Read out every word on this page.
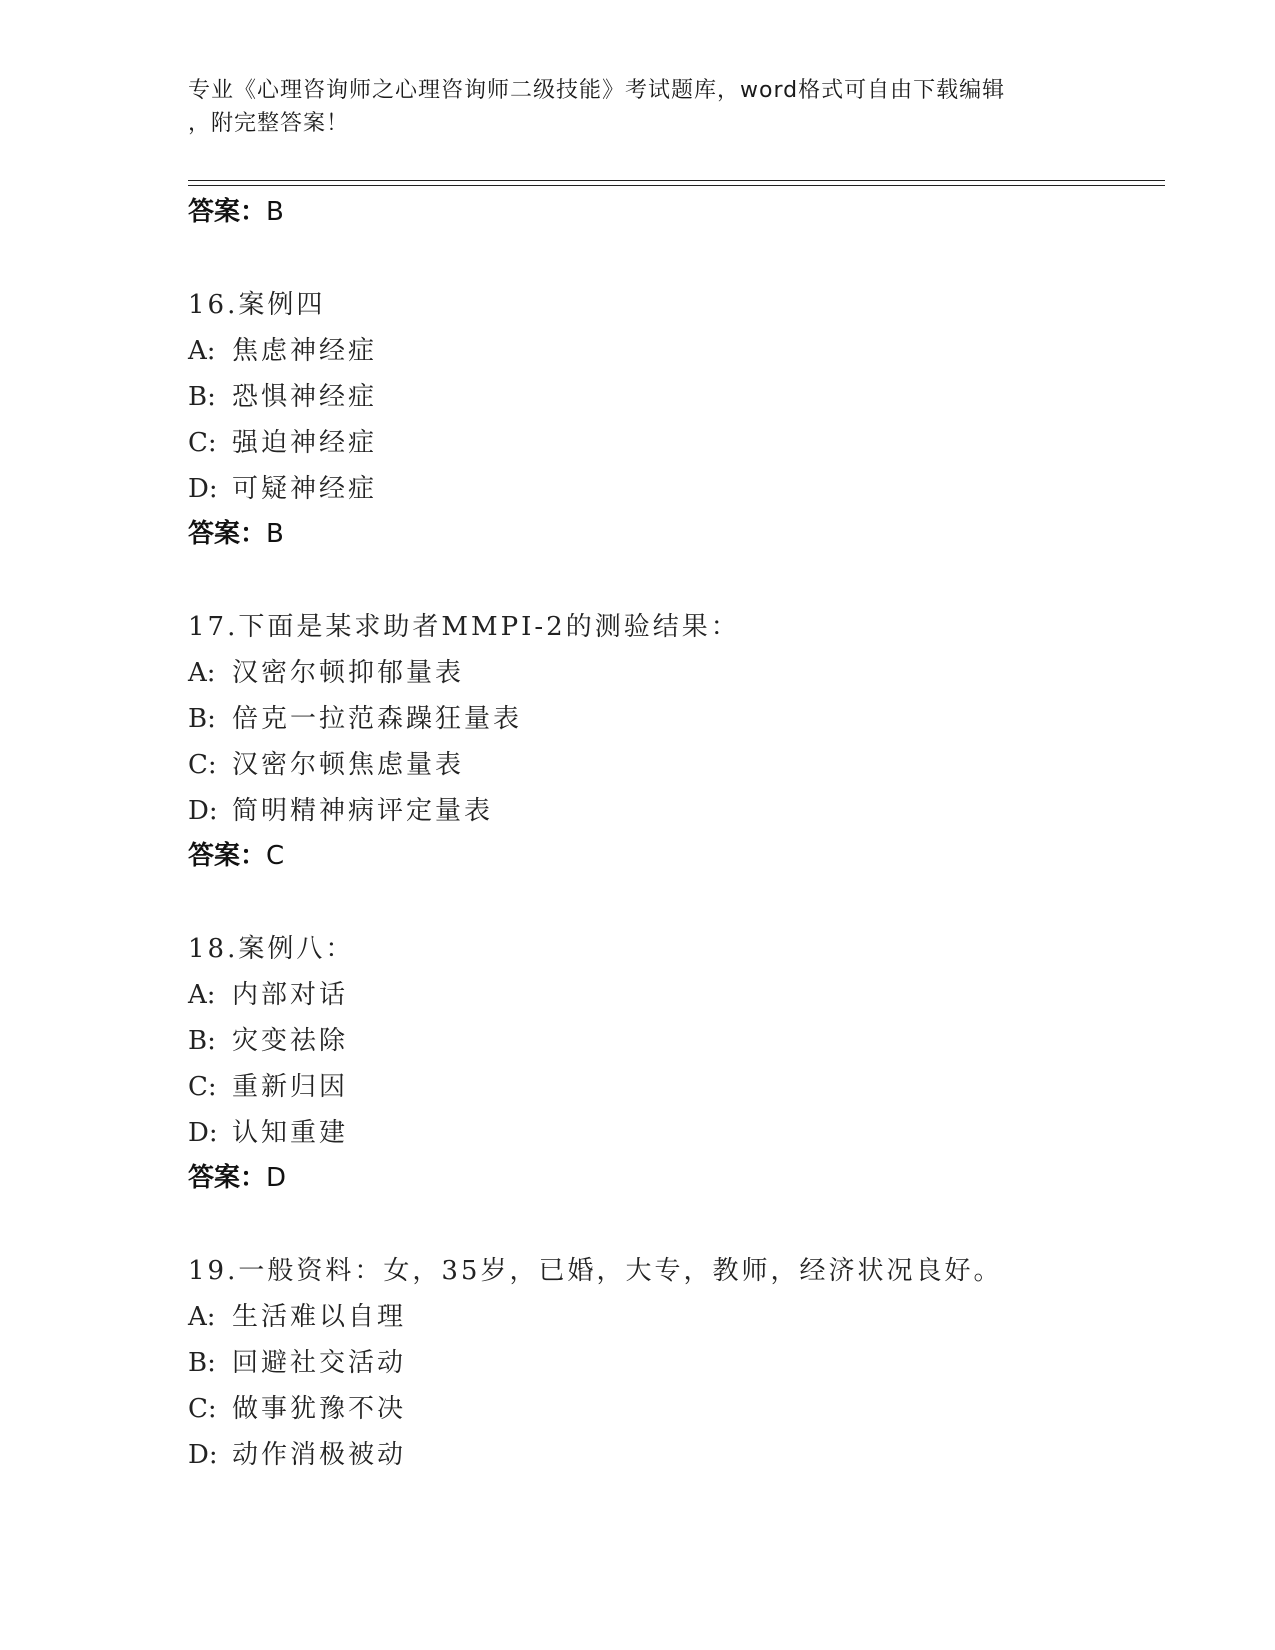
专业《心理咨询师之心理咨询师二级技能》考试题库，word格式可自由下载编辑
，附完整答案！
答案：B
16.案例四
A: 焦虑神经症
B: 恐惧神经症
C: 强迫神经症
D: 可疑神经症
答案：B
17.下面是某求助者MMPI-2的测验结果：
A: 汉密尔顿抑郁量表
B: 倍克一拉范森躁狂量表
C: 汉密尔顿焦虑量表
D: 简明精神病评定量表
答案：C
18.案例八：
A: 内部对话
B: 灾变祛除
C: 重新归因
D: 认知重建
答案：D
19.一般资料：女，35岁，已婚，大专，教师，经济状况良好。
A: 生活难以自理
B: 回避社交活动
C: 做事犹豫不决
D: 动作消极被动
